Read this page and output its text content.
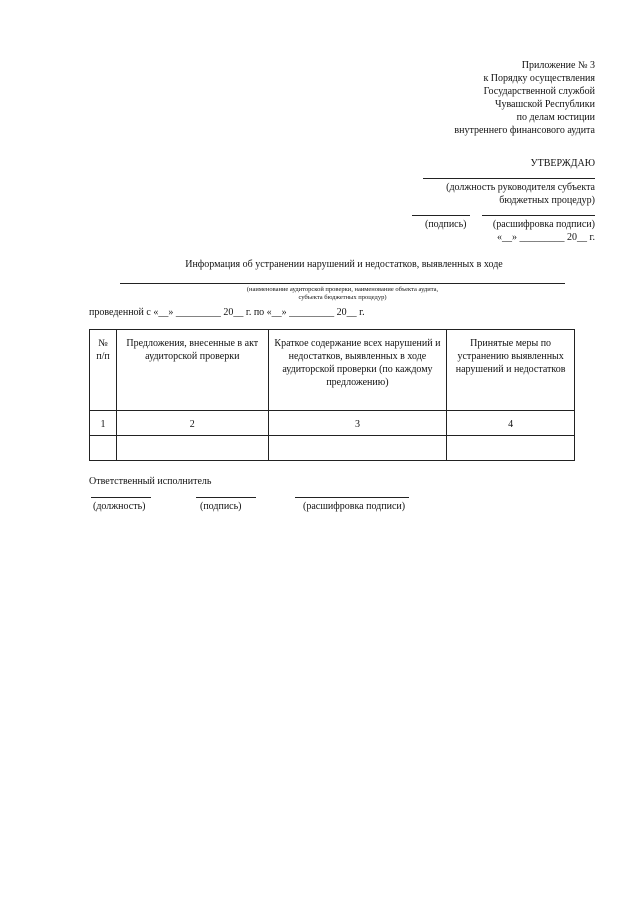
Приложение № 3
к Порядку осуществления
Государственной службой
Чувашской Республики
по делам юстиции
внутреннего финансового аудита
УТВЕРЖДАЮ
(должность руководителя субъекта
бюджетных процедур)
(подпись)	(расшифровка подписи)
«__» _________ 20__ г.
Информация об устранении нарушений и недостатков, выявленных в ходе
(наименование аудиторской проверки, наименование объекта аудита,
субъекта бюджетных процедур)
проведенной с «__» _________ 20__ г. по «__» _________ 20__ г.
№ п/п	Предложения, внесенные в акт аудиторской проверки	Краткое содержание всех нарушений и недостатков, выявленных в ходе аудиторской проверки (по каждому предложению)	Принятые меры по устранению выявленных нарушений и недостатков
1	2	3	4

Ответственный исполнитель
(должность)	(подпись)	(расшифровка подписи)
